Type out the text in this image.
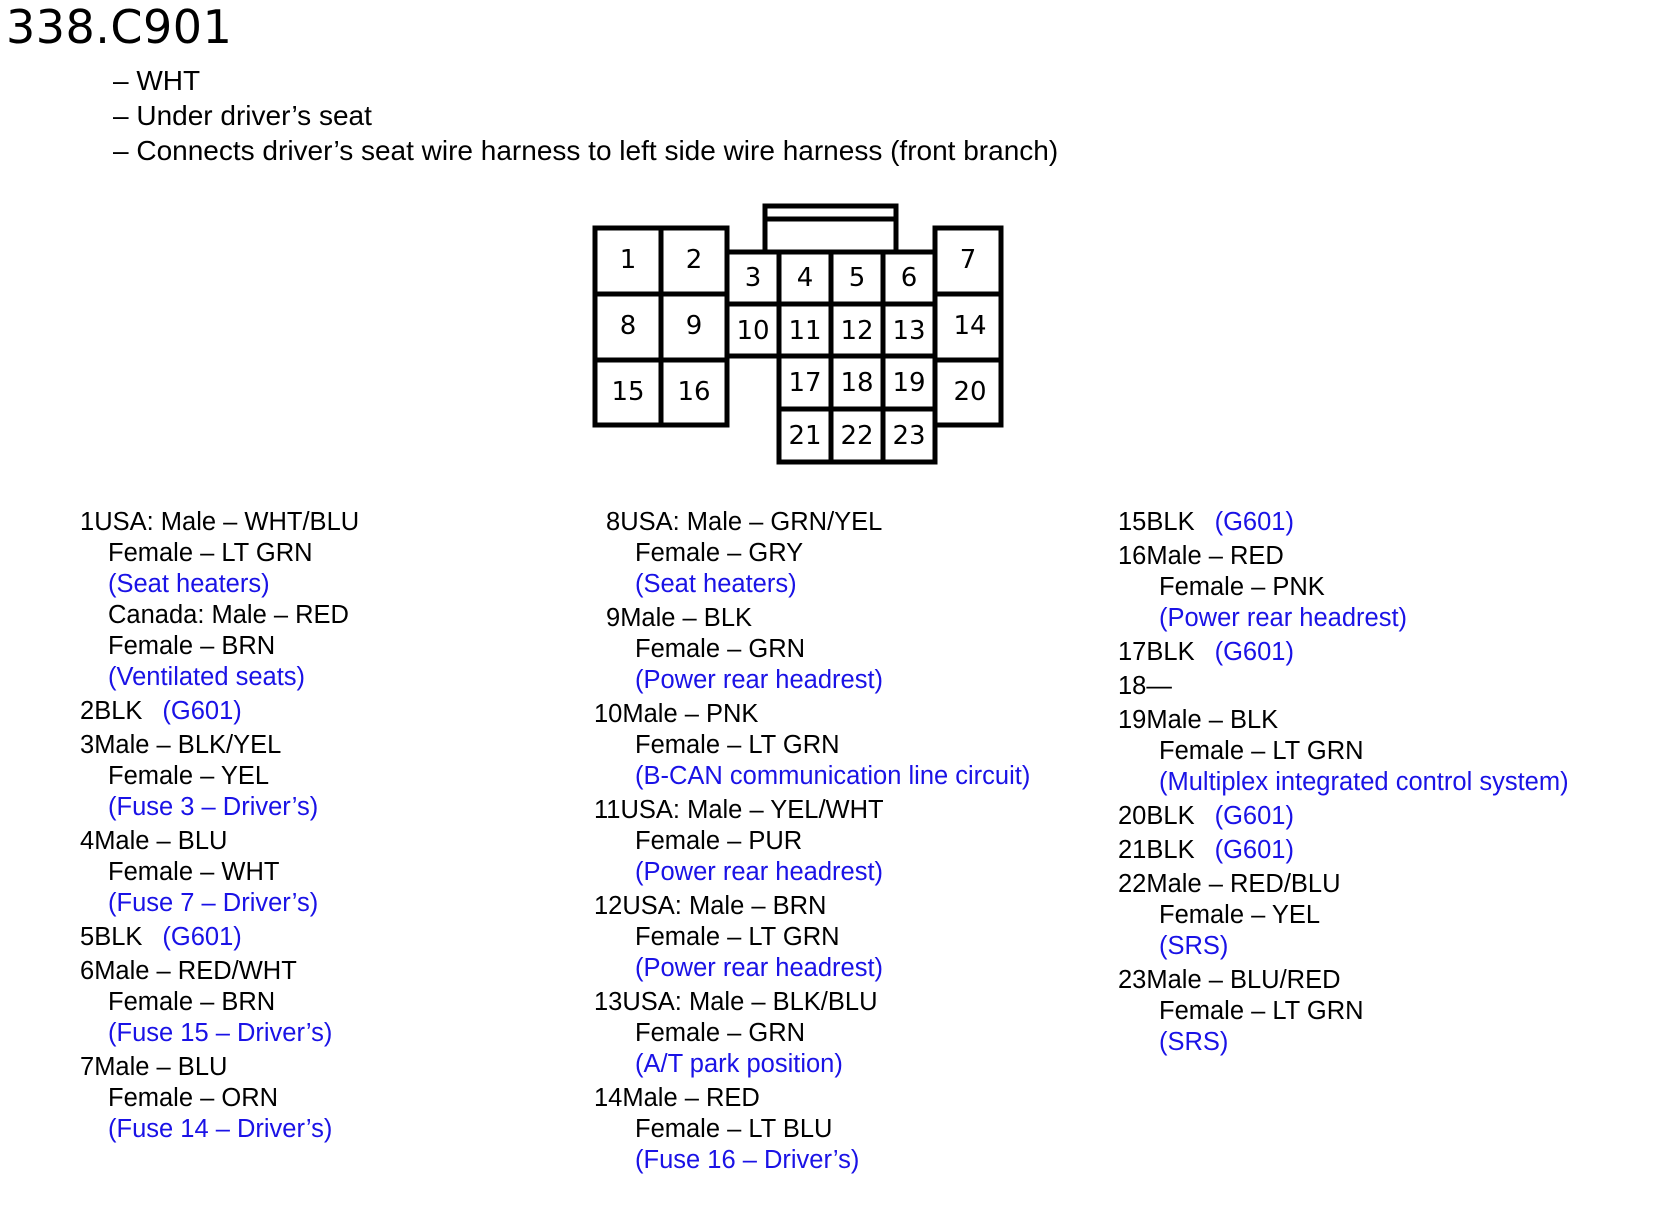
338.C901
– WHT
– Under driver’s seat
– Connects driver’s seat wire harness to left side wire harness (front branch)
1 2
3 4 5 6
7
8 9 10 11 12 13 14
15 16	17 18 19 20
21 22 23
1USA: Male – WHT/BLU
Female – LT GRN
(Seat heaters)
Canada: Male – RED
Female – BRN
(Ventilated seats)
2BLK (G601)
3Male – BLK/YEL
Female – YEL
(Fuse 3 – Driver’s)
4Male – BLU
Female – WHT
(Fuse 7 – Driver’s)
5BLK (G601)
6Male – RED/WHT
Female – BRN
(Fuse 15 – Driver’s)
7Male – BLU
Female – ORN
(Fuse 14 – Driver’s)
8USA: Male – GRN/YEL
Female – GRY
(Seat heaters)
9Male – BLK
Female – GRN
(Power rear headrest)
10Male – PNK
Female – LT GRN
(B-CAN communication line circuit)
11USA: Male – YEL/WHT
Female – PUR
(Power rear headrest)
12USA: Male – BRN
Female – LT GRN
(Power rear headrest)
13USA: Male – BLK/BLU
Female – GRN
(A/T park position)
14Male – RED
Female – LT BLU
(Fuse 16 – Driver’s)
15BLK (G601)
16Male – RED
Female – PNK
(Power rear headrest)
17BLK (G601)
18—
19Male – BLK
Female – LT GRN
(Multiplex integrated control system)
20BLK (G601)
21BLK (G601)
22Male – RED/BLU
Female – YEL
(SRS)
23Male – BLU/RED
Female – LT GRN
(SRS)
